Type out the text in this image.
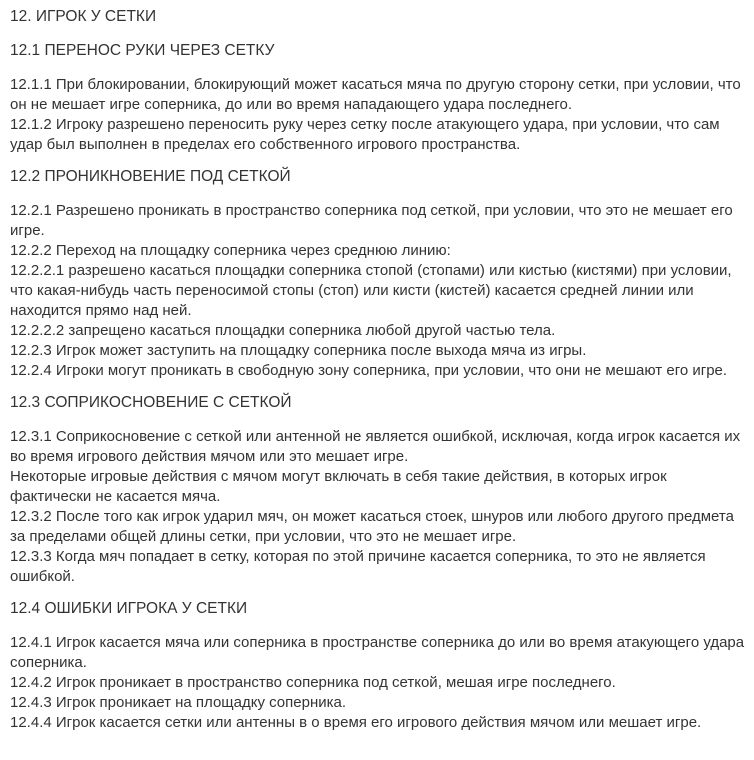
12. ИГРОК У СЕТКИ
12.1 ПЕРЕНОС РУКИ ЧЕРЕЗ СЕТКУ

12.1.1 При блокировании, блокирующий может касаться мяча по другую сторону сетки, при условии, что он не мешает игре соперника, до или во время нападающего удара последнего.

12.1.2 Игроку разрешено переносить руку через сетку после атакующего удара, при условии, что сам удар был выполнен в пределах его собственного игрового пространства.

12.2 ПРОНИКНОВЕНИЕ ПОД СЕТКОЙ

12.2.1 Разрешено проникать в пространство соперника под сеткой, при условии, что это не мешает его игре.

12.2.2 Переход на площадку соперника через среднюю линию:

12.2.2.1 разрешено касаться площадки соперника стопой (стопами) или кистью (кистями) при условии, что какая-нибудь часть переносимой стопы (стоп) или кисти (кистей) касается средней линии или находится прямо над ней.

12.2.2.2 запрещено касаться площадки соперника любой другой частью тела.

12.2.3 Игрок может заступить на площадку соперника после выхода мяча из игры.

12.2.4 Игроки могут проникать в свободную зону соперника, при условии, что они не мешают его игре.

12.3 СОПРИКОСНОВЕНИЕ С СЕТКОЙ

12.3.1 Соприкосновение с сеткой или антенной не является ошибкой, исключая, когда игрок касается их во время игрового действия мячом или это мешает игре.

Некоторые игровые действия с мячом могут включать в себя такие действия, в которых игрок фактически не касается мяча.

12.3.2 После того как игрок ударил мяч, он может касаться стоек, шнуров или любого другого предмета за пределами общей длины сетки, при условии, что это не мешает игре.

12.3.3 Когда мяч попадает в сетку, которая по этой причине касается соперника, то это не является ошибкой.

12.4 ОШИБКИ ИГРОКА У СЕТКИ

12.4.1 Игрок касается мяча или соперника в пространстве соперника до или во время атакующего удара соперника.

12.4.2 Игрок проникает в пространство соперника под сеткой, мешая игре последнего.

12.4.3 Игрок проникает на площадку соперника.

12.4.4 Игрок касается сетки или антенны в о время его игрового действия мячом или мешает игре.
